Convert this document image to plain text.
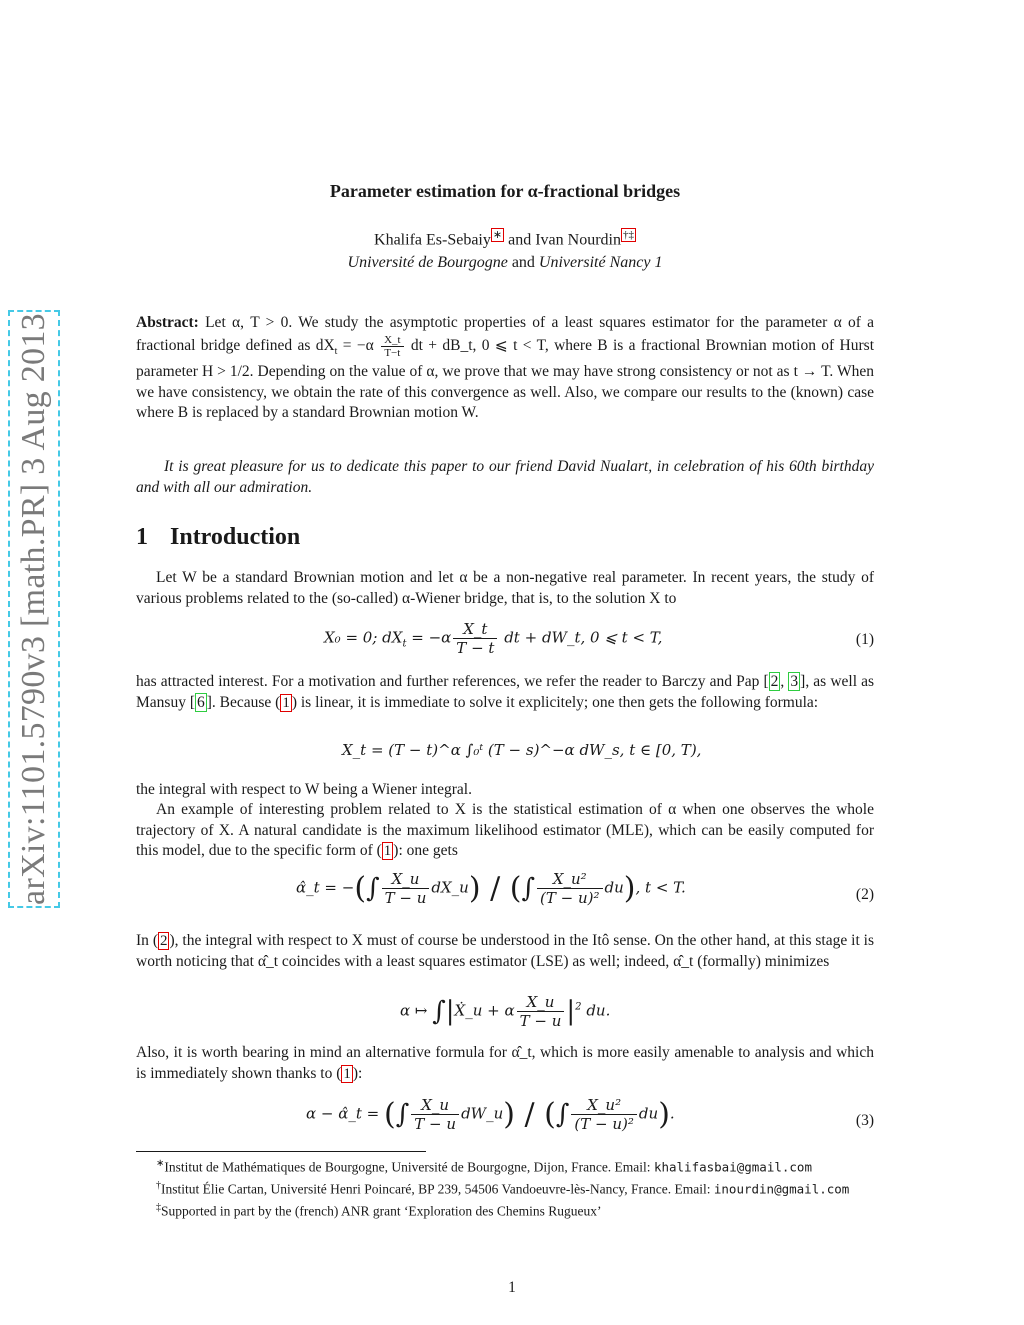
arXiv:1101.5790v3 [math.PR] 3 Aug 2013
Parameter estimation for α-fractional bridges
Khalifa Es-Sebaiy ∗ and Ivan Nourdin †‡
Université de Bourgogne and Université Nancy 1
Abstract: Let α, T > 0. We study the asymptotic properties of a least squares estimator for the parameter α of a fractional bridge defined as $dX_t = -\alpha \frac{X\_t}{T-t}$ dt + dB_t, 0 ⩽ t < T, where B is a fractional Brownian motion of Hurst parameter H > 1/2. Depending on the value of α, we prove that we may have strong consistency or not as t → T. When we have consistency, we obtain the rate of this convergence as well. Also, we compare our results to the (known) case where B is replaced by a standard Brownian motion W.
It is great pleasure for us to dedicate this paper to our friend David Nualart, in celebration of his 60th birthday and with all our admiration.
1 Introduction
Let W be a standard Brownian motion and let α be a non-negative real parameter. In recent years, the study of various problems related to the (so-called) α-Wiener bridge, that is, to the solution X to
X₀ = 0; $dX_t = -\alpha \frac{X\_t}{T - t}$ dt + dW_t, 0 ⩽ t < T,	(1)
has attracted interest. For a motivation and further references, we refer the reader to Barczy and Pap [ 2 , 3 ], as well as Mansuy [ 6 ]. Because ( 1 ) is linear, it is immediate to solve it explicitely; one then gets the following formula:
X_t = (T − t)^α ∫₀ᵗ (T − s)^−α dW_s, t ∈ [0, T),
the integral with respect to W being a Wiener integral.
An example of interesting problem related to X is the statistical estimation of α when one observes the whole trajectory of X. A natural candidate is the maximum likelihood estimator (MLE), which can be easily computed for this model, due to the specific form of ( 1 ): one gets
α̂_t = −(∫ $\frac{X\_u}{T - u}$ dX_u) / (∫ $\frac{\text{X\_u²}}{\text{(T − u)²}} du$), t < T.	(2)
In ( 2 ), the integral with respect to X must of course be understood in the Itô sense. On the other hand, at this stage it is worth noticing that α̂_t coincides with a least squares estimator (LSE) as well; indeed, α̂_t (formally) minimizes
α ↦ ∫|Ẋ_u + α $\frac{X\_u}{T - u} |^2$ du.
Also, it is worth bearing in mind an alternative formula for α̂_t, which is more easily amenable to analysis and which is immediately shown thanks to ( 1 ):
α − α̂_t = (∫ $\frac{X\_u}{T - u}$ dW_u) / (∫ $\frac{\text{X\_u²}}{\text{(T − u)²}} du$).	(3)
∗Institut de Mathématiques de Bourgogne, Université de Bourgogne, Dijon, France. Email: khalifasbai@gmail.com
†Institut Élie Cartan, Université Henri Poincaré, BP 239, 54506 Vandoeuvre-lès-Nancy, France. Email: inourdin@gmail.com
‡Supported in part by the (french) ANR grant ‘Exploration des Chemins Rugueux’
1
